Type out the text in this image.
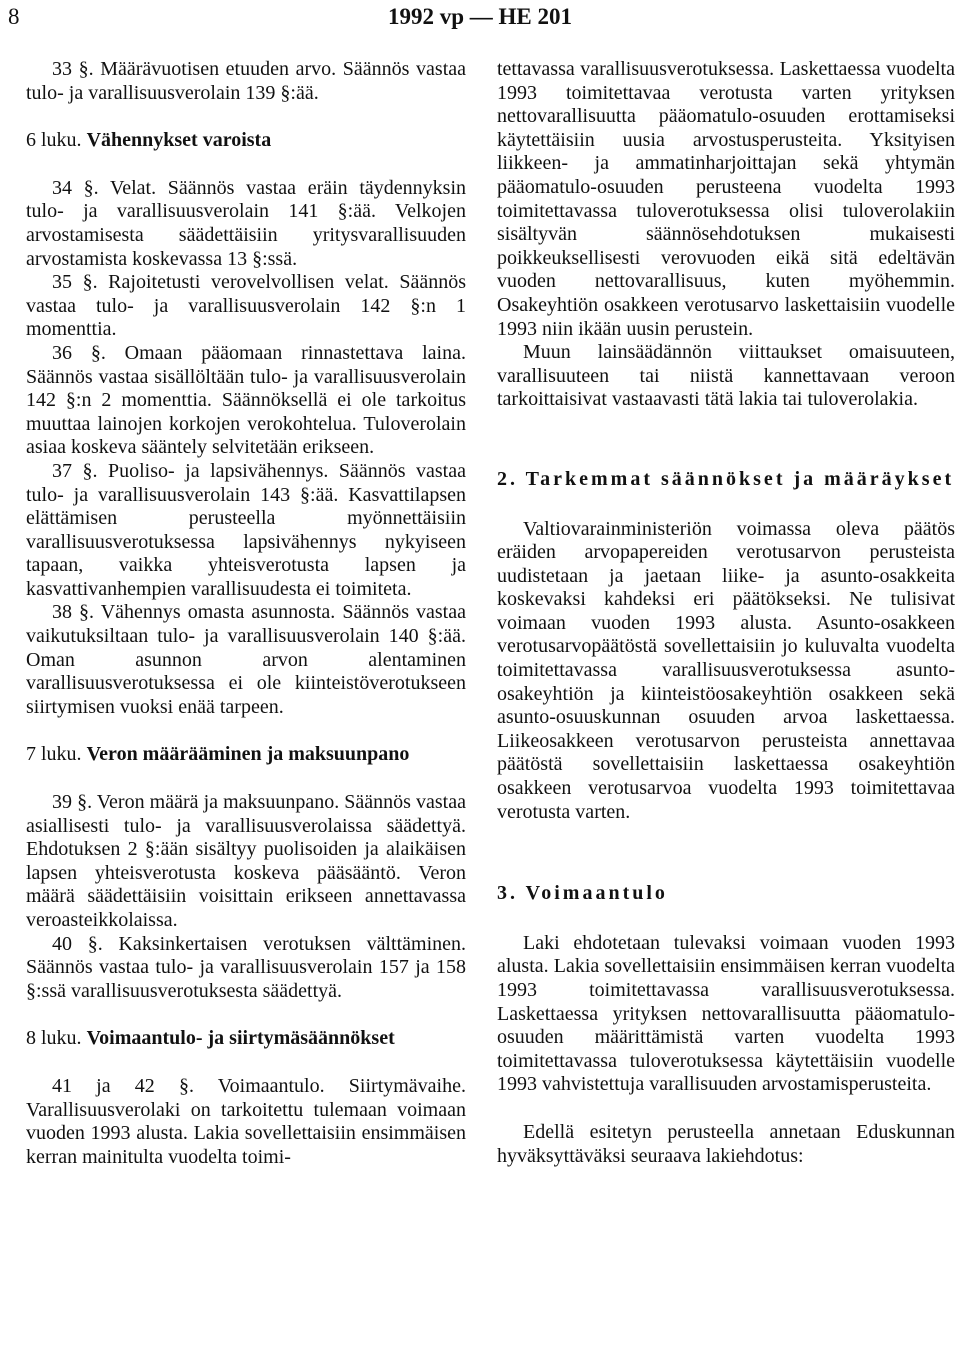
8	1992 vp — HE 201

33 §. Määrävuotisen etuuden arvo. Säännös vastaa tulo- ja varallisuusverolain 139 §:ää.

6 luku. Vähennykset varoista

34 §. Velat. Säännös vastaa eräin täydennyksin tulo- ja varallisuusverolain 141 §:ää. Velkojen arvostamisesta säädettäisiin yritysvarallisuuden arvostamista koskevassa 13 §:ssä.

35 §. Rajoitetusti verovelvollisen velat. Säännös vastaa tulo- ja varallisuusverolain 142 §:n 1 momenttia.

36 §. Omaan pääomaan rinnastettava laina. Säännös vastaa sisällöltään tulo- ja varallisuusverolain 142 §:n 2 momenttia. Säännöksellä ei ole tarkoitus muuttaa lainojen korkojen verokohtelua. Tuloverolain asiaa koskeva sääntely selvitetään erikseen.

37 §. Puoliso- ja lapsivähennys. Säännös vastaa tulo- ja varallisuusverolain 143 §:ää. Kasvattilapsen elättämisen perusteella myönnettäisiin varallisuusverotuksessa lapsivähennys nykyiseen tapaan, vaikka yhteisverotusta lapsen ja kasvattivanhempien varallisuudesta ei toimiteta.

38 §. Vähennys omasta asunnosta. Säännös vastaa vaikutuksiltaan tulo- ja varallisuusverolain 140 §:ää. Oman asunnon arvon alentaminen varallisuusverotuksessa ei ole kiinteistöverotukseen siirtymisen vuoksi enää tarpeen.

7 luku. Veron määrääminen ja maksuunpano

39 §. Veron määrä ja maksuunpano. Säännös vastaa asiallisesti tulo- ja varallisuusverolaissa säädettyä. Ehdotuksen 2 §:ään sisältyy puolisoiden ja alaikäisen lapsen yhteisverotusta koskeva pääsääntö. Veron määrä säädettäisiin voisittain erikseen annettavassa veroasteikkolaissa.

40 §. Kaksinkertaisen verotuksen välttäminen. Säännös vastaa tulo- ja varallisuusverolain 157 ja 158 §:ssä varallisuusverotuksesta säädettyä.

8 luku. Voimaantulo- ja siirtymäsäännökset

41 ja 42 §. Voimaantulo. Siirtymävaihe. Varallisuusverolaki on tarkoitettu tulemaan voimaan vuoden 1993 alusta. Lakia sovellettaisiin ensimmäisen kerran mainitulta vuodelta toimi-

tettavassa varallisuusverotuksessa. Laskettaessa vuodelta 1993 toimitettavaa verotusta varten yrityksen nettovarallisuutta pääomatulo-osuuden erottamiseksi käytettäisiin uusia arvostusperusteita. Yksityisen liikkeen- ja ammatinharjoittajan sekä yhtymän pääomatulo-osuuden perusteena vuodelta 1993 toimitettavassa tuloverotuksessa olisi tuloverolakiin sisältyvän säännösehdotuksen mukaisesti poikkeuksellisesti verovuoden eikä sitä edeltävän vuoden nettovarallisuus, kuten myöhemmin. Osakeyhtiön osakkeen verotusarvo laskettaisiin vuodelle 1993 niin ikään uusin perustein.

Muun lainsäädännön viittaukset omaisuuteen, varallisuuteen tai niistä kannettavaan veroon tarkoittaisivat vastaavasti tätä lakia tai tuloverolakia.

2. Tarkemmat säännökset ja määräykset

Valtiovarainministeriön voimassa oleva päätös eräiden arvopapereiden verotusarvon perusteista uudistetaan ja jaetaan liike- ja asunto-osakkeita koskevaksi kahdeksi eri päätökseksi. Ne tulisivat voimaan vuoden 1993 alusta. Asunto-osakkeen verotusarvopäätöstä sovellettaisiin jo kuluvalta vuodelta toimitettavassa varallisuusverotuksessa asunto-osakeyhtiön ja kiinteistöosakeyhtiön osakkeen sekä asunto-osuuskunnan osuuden arvoa laskettaessa. Liikeosakkeen verotusarvon perusteista annettavaa päätöstä sovellettaisiin laskettaessa osakeyhtiön osakkeen verotusarvoa vuodelta 1993 toimitettavaa verotusta varten.

3. Voimaantulo

Laki ehdotetaan tulevaksi voimaan vuoden 1993 alusta. Lakia sovellettaisiin ensimmäisen kerran vuodelta 1993 toimitettavassa varallisuusverotuksessa. Laskettaessa yrityksen nettovarallisuutta pääomatulo-osuuden määrittämistä varten vuodelta 1993 toimitettavassa tuloverotuksessa käytettäisiin vuodelle 1993 vahvistettuja varallisuuden arvostamisperusteita.

Edellä esitetyn perusteella annetaan Eduskunnan hyväksyttäväksi seuraava lakiehdotus:
